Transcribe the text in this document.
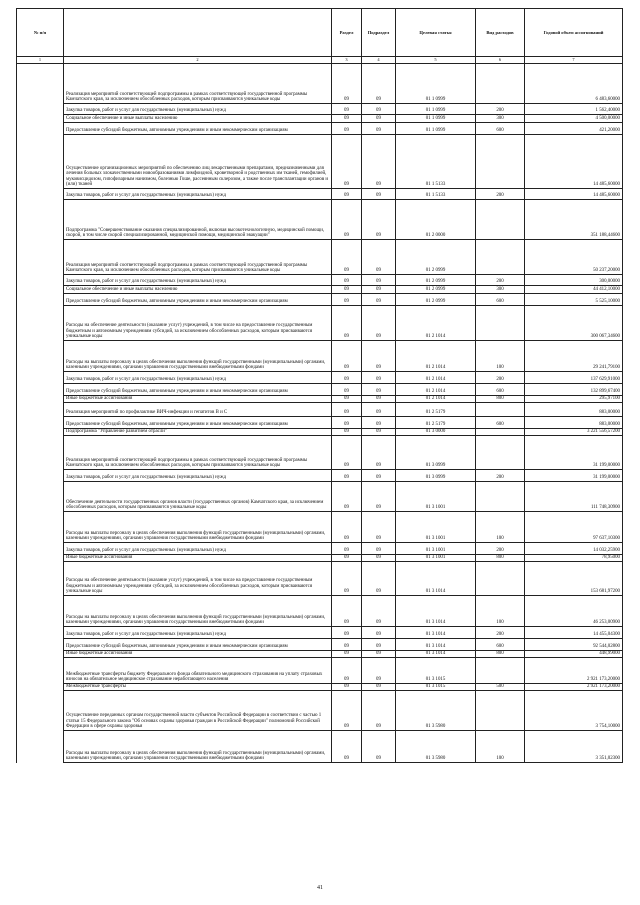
№ п/п		Раздел	Подраздел	Целевая статья	Вид расходов	Годовой объем ассигнований
1	2	3	4	5	6	7
	Реализация мероприятий соответствующей подпрограммы в рамках соответствующей государственной программы Камчатского края, за исключением обособленных расходов, которым присваиваются уникальные коды	09	09	01 1 0999		6 483,60000
	Закупка товаров, работ и услуг для государственных (муниципальных) нужд	09	09	01 1 0999	200	1 562,40000
	Социальное обеспечение и иные выплаты населению	09	09	01 1 0999	300	4 500,00000
	Предоставление субсидий бюджетным, автономным учреждениям и иным некоммерческим организациям	09	09	01 1 0999	600	421,20000
	Осуществление организационных мероприятий по обеспечению лиц лекарственными препаратами, предназначенными для лечения больных злокачественными новообразованиями лимфоидной, кроветворной и родственных им тканей, гемофилией, муковисцидозом, гипофизарным нанизмом, болезнью Гоше, рассеянным склерозом, а также после трансплантации органов и (или) тканей	09	09	01 1 5133		14 485,60000
	Закупка товаров, работ и услуг для государственных (муниципальных) нужд	09	09	01 1 5133	200	14 485,60000
	Подпрограмма "Совершенствование оказания специализированной, включая высокотехнологичную, медицинской помощи, скорой, в том числе скорой специализированной, медицинской помощи, медицинской эвакуации"	09	09	01 2 0000		351 188,44600
	Реализация мероприятий соответствующей подпрограммы в рамках соответствующей государственной программы Камчатского края, за исключением обособленных расходов, которым присваиваются уникальные коды	09	09	01 2 0999		50 237,20000
	Закупка товаров, работ и услуг для государственных (муниципальных) нужд	09	09	01 2 0999	200	300,00000
	Социальное обеспечение и иные выплаты населению	09	09	01 2 0999	300	44 412,10000
	Предоставление субсидий бюджетным, автономным учреждениям и иным некоммерческим организациям	09	09	01 2 0999	600	5 525,10000
	Расходы на обеспечение деятельности (оказание услуг) учреждений, в том числе на предоставление государственным бюджетным и автономным учреждениям субсидий, за исключением обособленных расходов, которым присваиваются уникальные коды	09	09	01 2 1014		300 067,34600
	Расходы на выплаты персоналу в целях обеспечения выполнения функций государственными (муниципальными) органами, казенными учреждениями, органами управления государственными внебюджетными фондами	09	09	01 2 1014	100	29 241,79100
	Закупка товаров, работ и услуг для государственных (муниципальных) нужд	09	09	01 2 1014	200	137 629,91000
	Предоставление субсидий бюджетным, автономным учреждениям и иным некоммерческим организациям	09	09	01 2 1014	600	132 899,67400
	Иные бюджетные ассигнования	09	09	01 2 1014	800	295,97100
	Реализация мероприятий по профилактике ВИЧ-инфекции и гепатитов B и C	09	09	01 2 5179		883,00000
	Предоставление субсидий бюджетным, автономным учреждениям и иным некоммерческим организациям	09	09	01 2 5179	600	883,00000
	Подпрограмма "Управление развитием отрасли"	09	09	01 3 0000		3 221 556,57200
	Реализация мероприятий соответствующей подпрограммы в рамках соответствующей государственной программы Камчатского края, за исключением обособленных расходов, которым присваиваются уникальные коды	09	09	01 3 0999		31 199,00000
	Закупка товаров, работ и услуг для государственных (муниципальных) нужд	09	09	01 3 0999	200	31 199,00000
	Обеспечение деятельности государственных органов власти (государственных органов) Камчатского края, за исключением обособленных расходов, которым присваиваются уникальные коды	09	09	01 3 1001		111 748,30900
	Расходы на выплаты персоналу в целях обеспечения выполнения функций государственными (муниципальными) органами, казенными учреждениями, органами управления государственными внебюджетными фондами	09	09	01 3 1001	100	97 637,10300
	Закупка товаров, работ и услуг для государственных (муниципальных) нужд	09	09	01 3 1001	200	14 032,25900
	Иные бюджетные ассигнования	09	09	01 3 1001	800	78,95000
	Расходы на обеспечение деятельности (оказание услуг) учреждений, в том числе на предоставление государственным бюджетным и автономным учреждениям субсидий, за исключением обособленных расходов, которым присваиваются уникальные коды	09	09	01 3 1014		153 681,97200
	Расходы на выплаты персоналу в целях обеспечения выполнения функций государственными (муниципальными) органами, казенными учреждениями, органами управления государственными внебюджетными фондами	09	09	01 3 1014	100	46 253,00900
	Закупка товаров, работ и услуг для государственных (муниципальных) нужд	09	09	01 3 1014	200	14 455,04300
	Предоставление субсидий бюджетным, автономным учреждениям и иным некоммерческим организациям	09	09	01 3 1014	600	92 544,02800
	Иные бюджетные ассигнования	09	09	01 3 1014	800	448,99000
	Межбюджетные трансферты бюджету Федерального фонда обязательного медицинского страхования на уплату страховых взносов на обязательное медицинское страхование неработающего населения	09	09	01 3 1015		2 921 173,20000
	Межбюджетные трансферты	09	09	01 3 1015	500	2 921 173,20000
	Осуществление переданных органам государственной власти субъектов Российской Федерации в соответствии с частью 1 статьи 15 Федерального закона "Об основах охраны здоровья граждан в Российской Федерации" полномочий Российской Федерации в сфере охраны здоровья	09	09	01 3 5980		3 754,10000
	Расходы на выплаты персоналу в целях обеспечения выполнения функций государственными (муниципальными) органами, казенными учреждениями, органами управления государственными внебюджетными фондами	09	09	01 3 5980	100	3 351,02300
41
